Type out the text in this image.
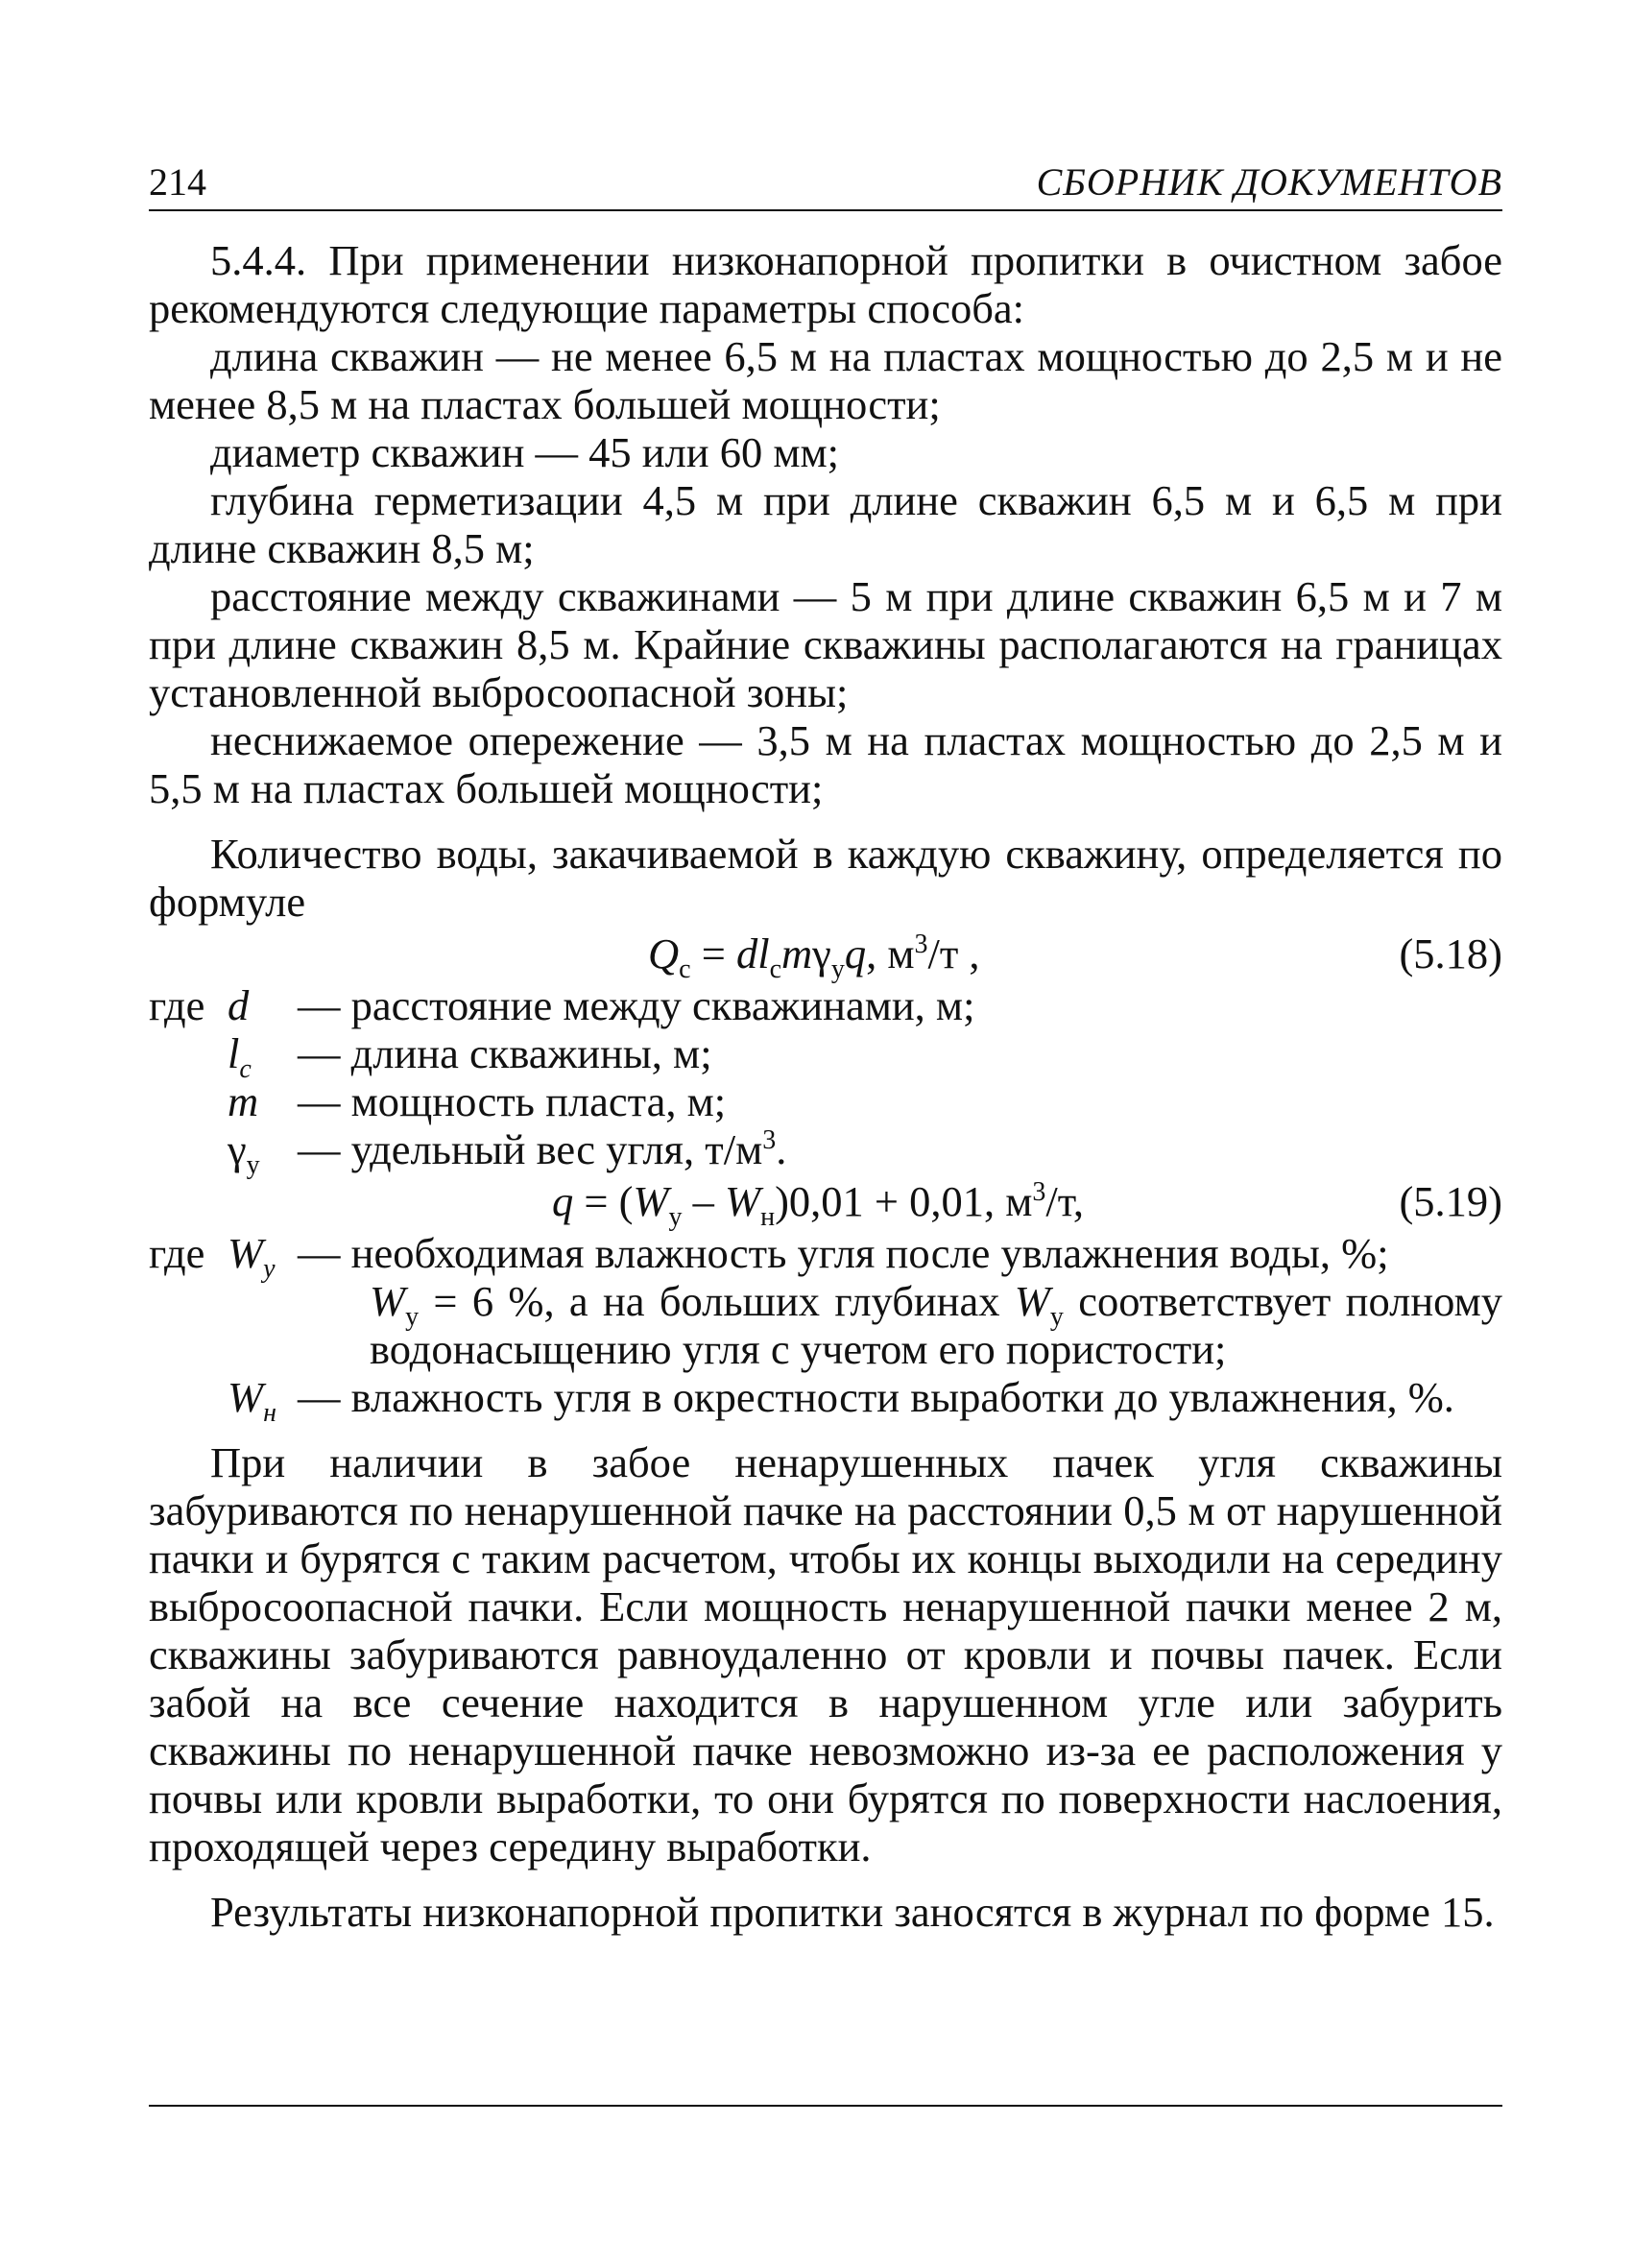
214	СБОРНИК ДОКУМЕНТОВ

5.4.4. При применении низконапорной пропитки в очистном забое рекомендуются следующие параметры способа:

длина скважин — не менее 6,5 м на пластах мощностью до 2,5 м и не менее 8,5 м на пластах большей мощности;

диаметр скважин — 45 или 60 мм;

глубина герметизации 4,5 м при длине скважин 6,5 м и 6,5 м при длине скважин 8,5 м;

расстояние между скважинами — 5 м при длине скважин 6,5 м и 7 м при длине скважин 8,5 м. Крайние скважины располагаются на границах установленной выбросоопасной зоны;

неснижаемое опережение — 3,5 м на пластах мощностью до 2,5 м и 5,5 м на пластах большей мощности;

Количество воды, закачиваемой в каждую скважину, определяется по формуле

$Q_с = dl_сm\gamma_уq$, $м^3/т$ ,	(5.18)
где d — расстояние между скважинами, м;
$l_с$ — длина скважины, м;
m — мощность пласта, м;
$\gamma_у$ — удельный вес угля, $т/м^3$.
$q = (W_у - W_н)0,01 + 0,01$, $м^3/т$,	(5.19)
где $W_у$ — необходимая влажность угля после увлажнения воды, %;
$W_у = 6$ %, а на больших глубинах $W_у$ соответствует полному водонасыщению угля с учетом его пористости;
$W_н$ — влажность угля в окрестности выработки до увлажнения, %.

При наличии в забое ненарушенных пачек угля скважины забуриваются по ненарушенной пачке на расстоянии 0,5 м от нарушенной пачки и бурятся с таким расчетом, чтобы их концы выходили на середину выбросоопасной пачки. Если мощность ненарушенной пачки менее 2 м, скважины забуриваются равноудаленно от кровли и почвы пачек. Если забой на все сечение находится в нарушенном угле или забурить скважины по ненарушенной пачке невозможно из-за ее расположения у почвы или кровли выработки, то они бурятся по поверхности наслоения, проходящей через середину выработки.

Результаты низконапорной пропитки заносятся в журнал по форме 15.
